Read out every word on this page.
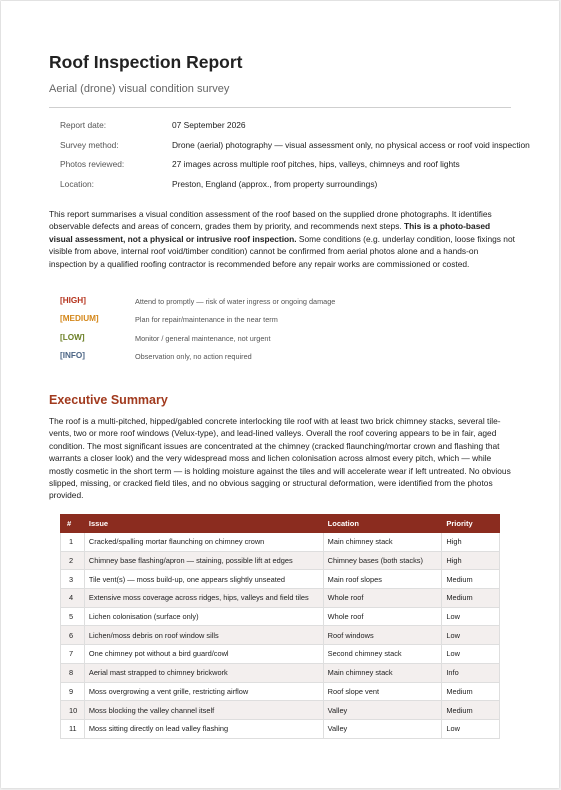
Roof Inspection Report
Aerial (drone) visual condition survey
Report date:	07 September 2026
Survey method:	Drone (aerial) photography — visual assessment only, no physical access or roof void inspection
Photos reviewed:	27 images across multiple roof pitches, hips, valleys, chimneys and roof lights
Location:	Preston, England (approx., from property surroundings)
This report summarises a visual condition assessment of the roof based on the supplied drone photographs. It identifies observable defects and areas of concern, grades them by priority, and recommends next steps. This is a photo-based visual assessment, not a physical or intrusive roof inspection. Some conditions (e.g. underlay condition, loose fixings not visible from above, internal roof void/timber condition) cannot be confirmed from aerial photos alone and a hands-on inspection by a qualified roofing contractor is recommended before any repair works are commissioned or costed.
[HIGH]	Attend to promptly — risk of water ingress or ongoing damage
[MEDIUM]	Plan for repair/maintenance in the near term
[LOW]	Monitor / general maintenance, not urgent
[INFO]	Observation only, no action required
Executive Summary
The roof is a multi-pitched, hipped/gabled concrete interlocking tile roof with at least two brick chimney stacks, several tile-vents, two or more roof windows (Velux-type), and lead-lined valleys. Overall the roof covering appears to be in fair, aged condition. The most significant issues are concentrated at the chimney (cracked flaunching/mortar crown and flashing that warrants a closer look) and the very widespread moss and lichen colonisation across almost every pitch, which — while mostly cosmetic in the short term — is holding moisture against the tiles and will accelerate wear if left untreated. No obvious slipped, missing, or cracked field tiles, and no obvious sagging or structural deformation, were identified from the photos provided.
#	Issue	Location	Priority
1	Cracked/spalling mortar flaunching on chimney crown	Main chimney stack	High
2	Chimney base flashing/apron — staining, possible lift at edges	Chimney bases (both stacks)	High
3	Tile vent(s) — moss build-up, one appears slightly unseated	Main roof slopes	Medium
4	Extensive moss coverage across ridges, hips, valleys and field tiles	Whole roof	Medium
5	Lichen colonisation (surface only)	Whole roof	Low
6	Lichen/moss debris on roof window sills	Roof windows	Low
7	One chimney pot without a bird guard/cowl	Second chimney stack	Low
8	Aerial mast strapped to chimney brickwork	Main chimney stack	Info
9	Moss overgrowing a vent grille, restricting airflow	Roof slope vent	Medium
10	Moss blocking the valley channel itself	Valley	Medium
11	Moss sitting directly on lead valley flashing	Valley	Low
